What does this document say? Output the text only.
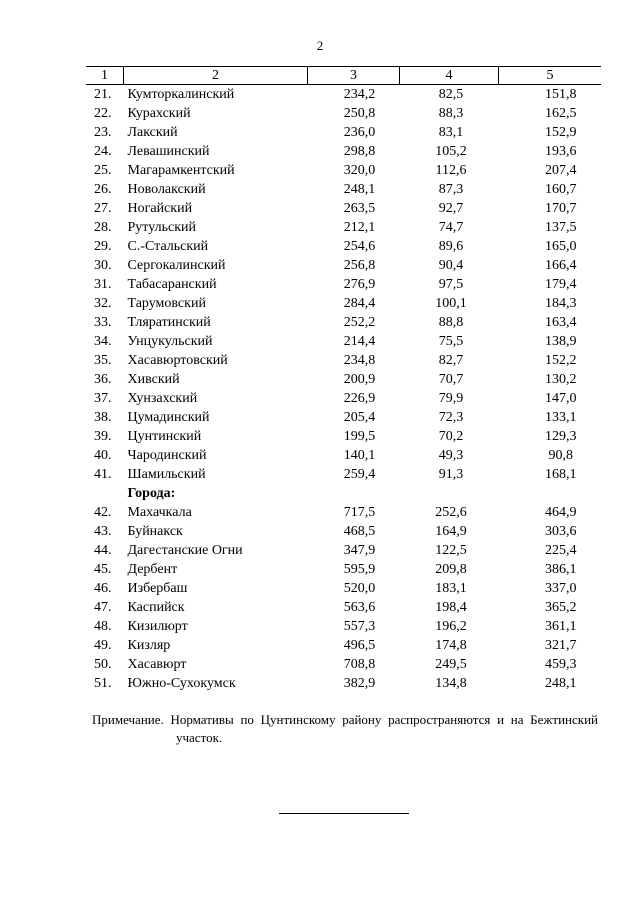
2
1	2	3	4	5
21.	Кумторкалинский	234,2	82,5	151,8
22.	Курахский	250,8	88,3	162,5
23.	Лакский	236,0	83,1	152,9
24.	Левашинский	298,8	105,2	193,6
25.	Магарамкентский	320,0	112,6	207,4
26.	Новолакский	248,1	87,3	160,7
27.	Ногайский	263,5	92,7	170,7
28.	Рутульский	212,1	74,7	137,5
29.	С.-Стальский	254,6	89,6	165,0
30.	Сергокалинский	256,8	90,4	166,4
31.	Табасаранский	276,9	97,5	179,4
32.	Тарумовский	284,4	100,1	184,3
33.	Тляратинский	252,2	88,8	163,4
34.	Унцукульский	214,4	75,5	138,9
35.	Хасавюртовский	234,8	82,7	152,2
36.	Хивский	200,9	70,7	130,2
37.	Хунзахский	226,9	79,9	147,0
38.	Цумадинский	205,4	72,3	133,1
39.	Цунтинский	199,5	70,2	129,3
40.	Чародинский	140,1	49,3	90,8
41.	Шамильский	259,4	91,3	168,1
	Города:			
42.	Махачкала	717,5	252,6	464,9
43.	Буйнакск	468,5	164,9	303,6
44.	Дагестанские Огни	347,9	122,5	225,4
45.	Дербент	595,9	209,8	386,1
46.	Избербаш	520,0	183,1	337,0
47.	Каспийск	563,6	198,4	365,2
48.	Кизилюрт	557,3	196,2	361,1
49.	Кизляр	496,5	174,8	321,7
50.	Хасавюрт	708,8	249,5	459,3
51.	Южно-Сухокумск	382,9	134,8	248,1
Примечание. Нормативы по Цунтинскому району распространяются и на Бежтинский
участок.
